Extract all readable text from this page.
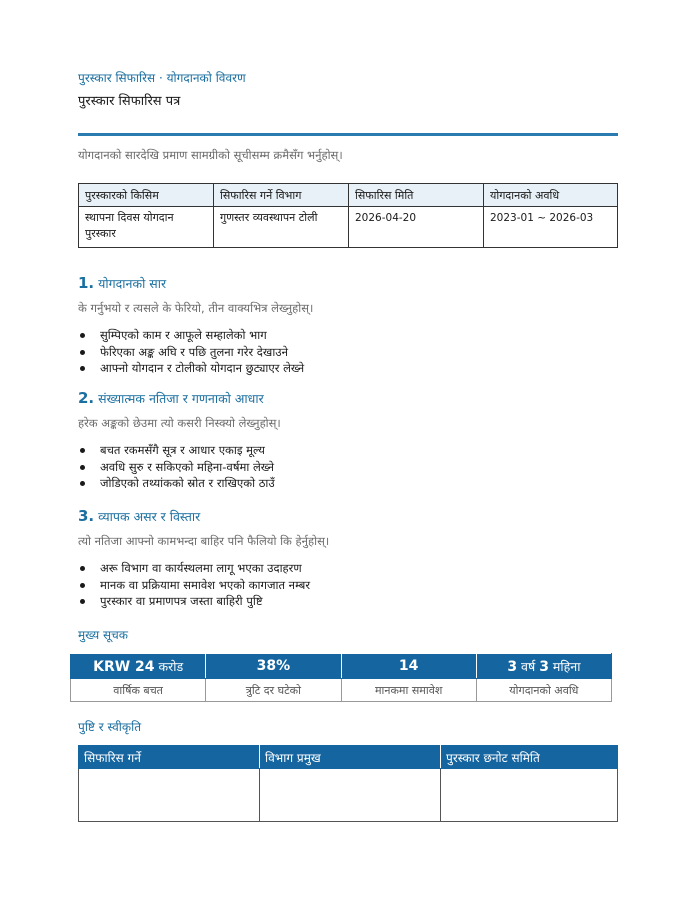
पुरस्कार सिफारिस · योगदानको विवरण
पुरस्कार सिफारिस पत्र
योगदानको सारदेखि प्रमाण सामग्रीको सूचीसम्म क्रमैसँग भर्नुहोस्।
पुरस्कारको किसिम	सिफारिस गर्ने विभाग	सिफारिस मिति	योगदानको अवधि
स्थापना दिवस योगदान पुरस्कार	गुणस्तर व्यवस्थापन टोली	2026-04-20	2023-01 ~ 2026-03
1. योगदानको सार
के गर्नुभयो र त्यसले के फेरियो, तीन वाक्यभित्र लेख्नुहोस्।
सुम्पिएको काम र आफूले सम्हालेको भाग
फेरिएका अङ्क अघि र पछि तुलना गरेर देखाउने
आफ्नो योगदान र टोलीको योगदान छुट्याएर लेख्ने
2. संख्यात्मक नतिजा र गणनाको आधार
हरेक अङ्कको छेउमा त्यो कसरी निस्क्यो लेख्नुहोस्।
बचत रकमसँगै सूत्र र आधार एकाइ मूल्य
अवधि सुरु र सकिएको महिना-वर्षमा लेख्ने
जोडिएको तथ्यांकको स्रोत र राखिएको ठाउँ
3. व्यापक असर र विस्तार
त्यो नतिजा आफ्नो कामभन्दा बाहिर पनि फैलियो कि हेर्नुहोस्।
अरू विभाग वा कार्यस्थलमा लागू भएका उदाहरण
मानक वा प्रक्रियामा समावेश भएको कागजात नम्बर
पुरस्कार वा प्रमाणपत्र जस्ता बाहिरी पुष्टि
मुख्य सूचक
KRW 24 करोड	38%	14	3 वर्ष 3 महिना
वार्षिक बचत	त्रुटि दर घटेको	मानकमा समावेश	योगदानको अवधि
पुष्टि र स्वीकृति
सिफारिस गर्ने	विभाग प्रमुख	पुरस्कार छनोट समिति
